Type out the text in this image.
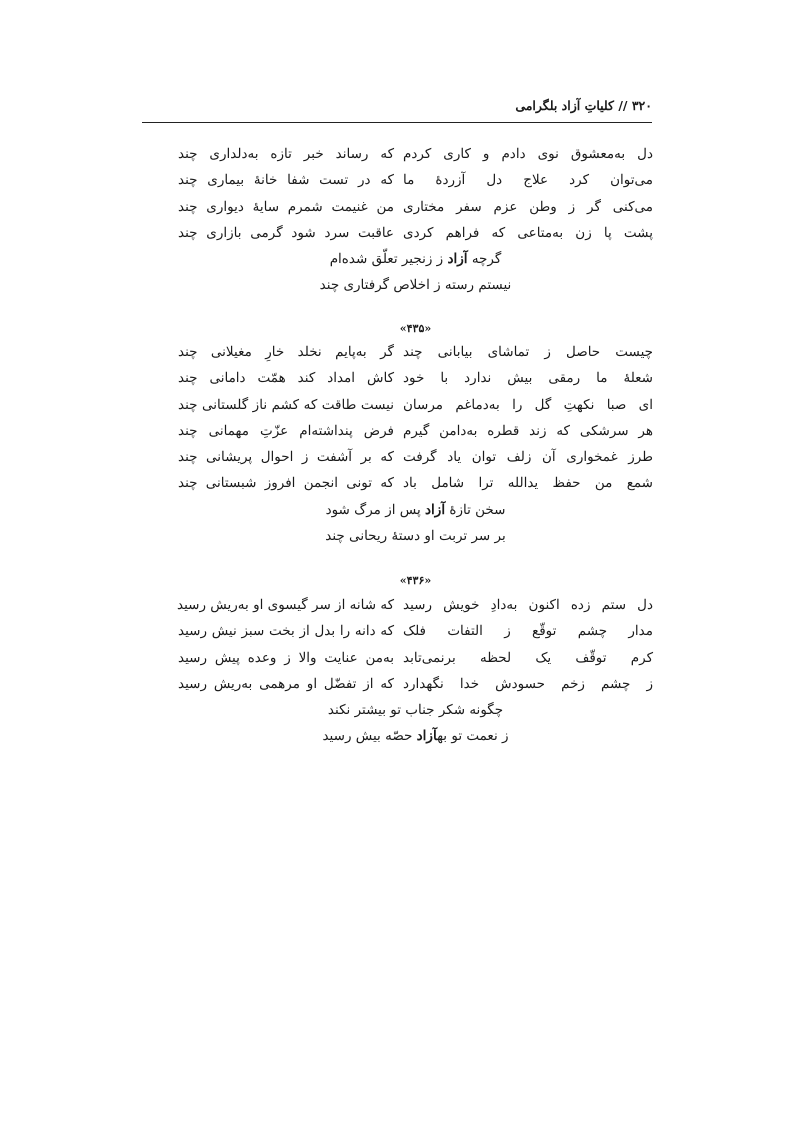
۳۲۰ // کلیاتِ آزاد بلگرامی
دل به‌معشوق نوی دادم و کاری کردم
که رساند خبر تازه به‌دلداری چند
می‌توان کرد علاج دل آزردهٔ ما
که در تست شفا خانهٔ بیماری چند
می‌کنی گر ز وطن عزم سفر مختاری
من غنیمت شمرم سایهٔ دیواری چند
پشت پا زن به‌متاعی که فراهم کردی
عاقبت سرد شود گرمی بازاری چند
گرچه آزاد ز زنجیر تعلّق شده‌ام
نیستم رسته ز اخلاص گرفتاری چند
«۴۳۵»
چیست حاصل ز تماشای بیابانی چند
گر به‌پایم نخلد خارِ مغیلانی چند
شعلهٔ ما رمقی بیش ندارد با خود
کاش امداد کند همّت دامانی چند
ای صبا نکهتِ گل را به‌دماغم مرسان
نیست طاقت که کشم ناز گلستانی چند
هر سرشکی که زند قطره به‌دامن گیرم
فرض پنداشته‌ام عزّتِ مهمانی چند
طرز غمخواری آن زلف توان یاد گرفت
که بر آشفت ز احوال پریشانی چند
شمع من حفظ یدالله ترا شامل باد
که تونی انجمن افروز شبستانی چند
سخن تازهٔ آزاد پس از مرگ شود
بر سر تربت او دستهٔ ریحانی چند
«۴۳۶»
دل ستم زده اکنون به‌دادِ خویش رسید
که شانه از سر گیسوی او به‌ریش رسید
مدار چشم توقّع ز التفات فلک
که دانه را بدل از بخت سبز نیش رسید
کرم توقّف یک لحظه برنمی‌تابد
به‌من عنایت والا ز وعده پیش رسید
ز چشم زخم حسودش خدا نگهدارد
که از تفضّل او مرهمی به‌ریش رسید
چگونه شکر جناب تو بیشتر نکند
ز نعمت تو بهآزاد حصّه بیش رسید
